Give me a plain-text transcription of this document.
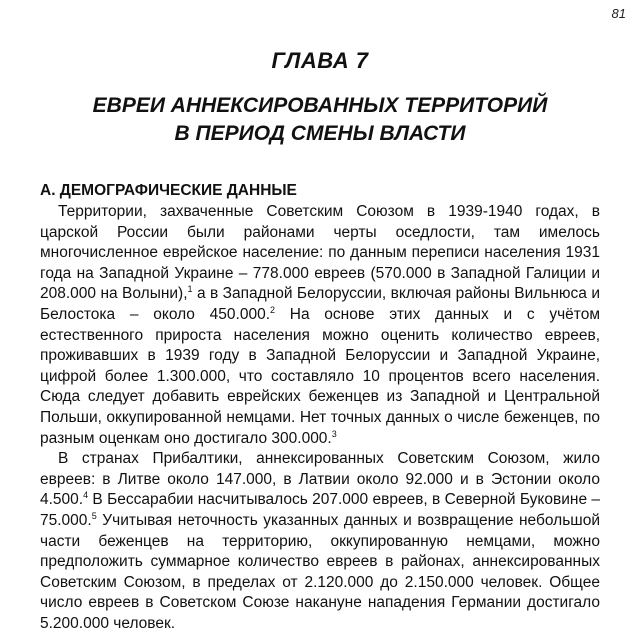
81
ГЛАВА 7
ЕВРЕИ АННЕКСИРОВАННЫХ ТЕРРИТОРИЙ
В ПЕРИОД СМЕНЫ ВЛАСТИ
А. ДЕМОГРАФИЧЕСКИЕ ДАННЫЕ

Территории, захваченные Советским Союзом в 1939-1940 годах, в царской России были районами черты оседлости, там имелось многочисленное еврейское население: по данным переписи населения 1931 года на Западной Украине – 778.000 евреев (570.000 в Западной Галиции и 208.000 на Волыни),$^1$ а в Западной Белоруссии, включая районы Вильнюса и Белостока – около 450.000.$^2$ На основе этих данных и с учётом естественного прироста населения можно оценить количество евреев, проживавших в 1939 году в Западной Белоруссии и Западной Украине, цифрой более 1.300.000, что составляло 10 процентов всего населения. Сюда следует добавить еврейских беженцев из Западной и Центральной Польши, оккупированной немцами. Нет точных данных о числе беженцев, по разным оценкам оно достигало 300.000.$^3$

В странах Прибалтики, аннексированных Советским Союзом, жило евреев: в Литве около 147.000, в Латвии около 92.000 и в Эстонии около 4.500.$^4$ В Бессарабии насчитывалось 207.000 евреев, в Северной Буковине – 75.000.$^5$ Учитывая неточность указанных данных и возвращение небольшой части беженцев на территорию, оккупированную немцами, можно предположить суммарное количество евреев в районах, аннексированных Советским Союзом, в пределах от 2.120.000 до 2.150.000 человек. Общее число евреев в Советском Союзе накануне нападения Германии достигало 5.200.000 человек.
